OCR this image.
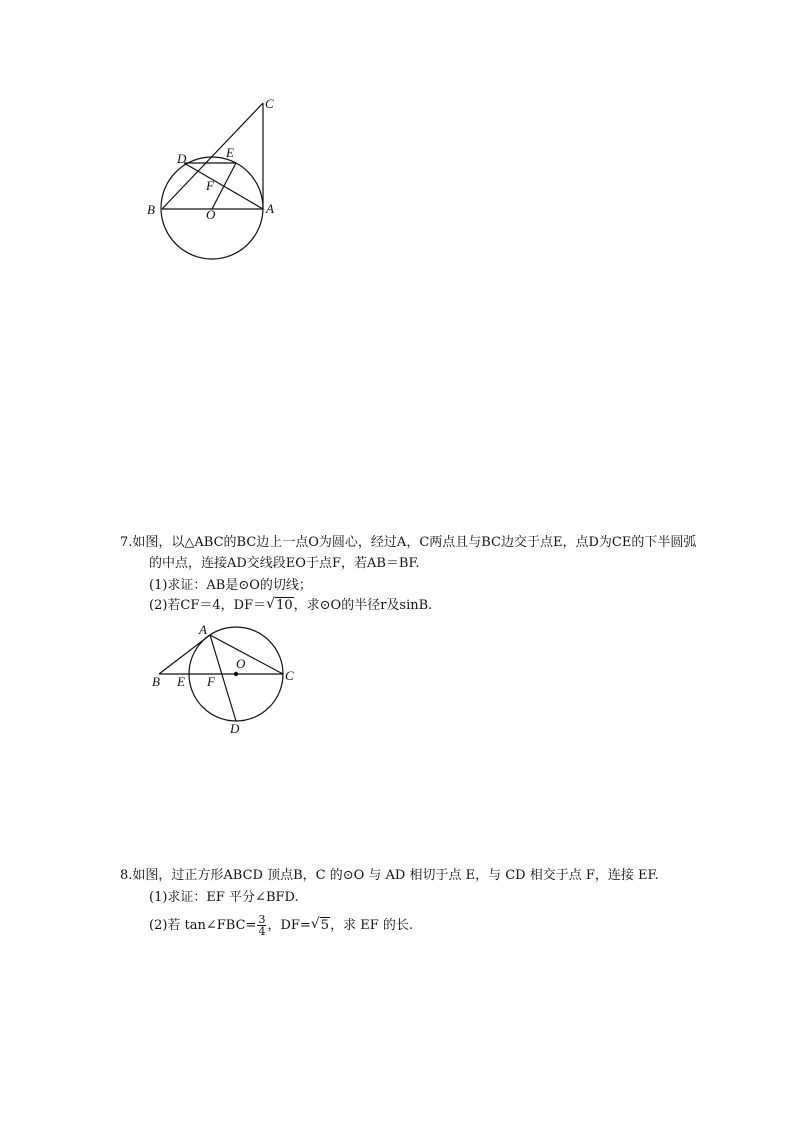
C
D	E
F
B	O	A
7.如图，以△ABC的BC边上一点O为圆心，经过A，C两点且与BC边交于点E，点D为CE的下半圆弧
的中点，连接AD交线段EO于点F，若AB＝BF.
(1)求证：AB是⊙O的切线；
(2)若CF＝4，DF＝ √ 10，求⊙O的半径r及sinB.
A
O
B E F	C
D
8.如图，过正方形ABCD 顶点B，C 的⊙O 与 AD 相切于点 E，与 CD 相交于点 F，连接 EF.
(1)求证：EF 平分∠BFD.
(2)若 tan∠FBC= $\frac{3}{4}$ ，DF= √ 5，求 EF 的长.
